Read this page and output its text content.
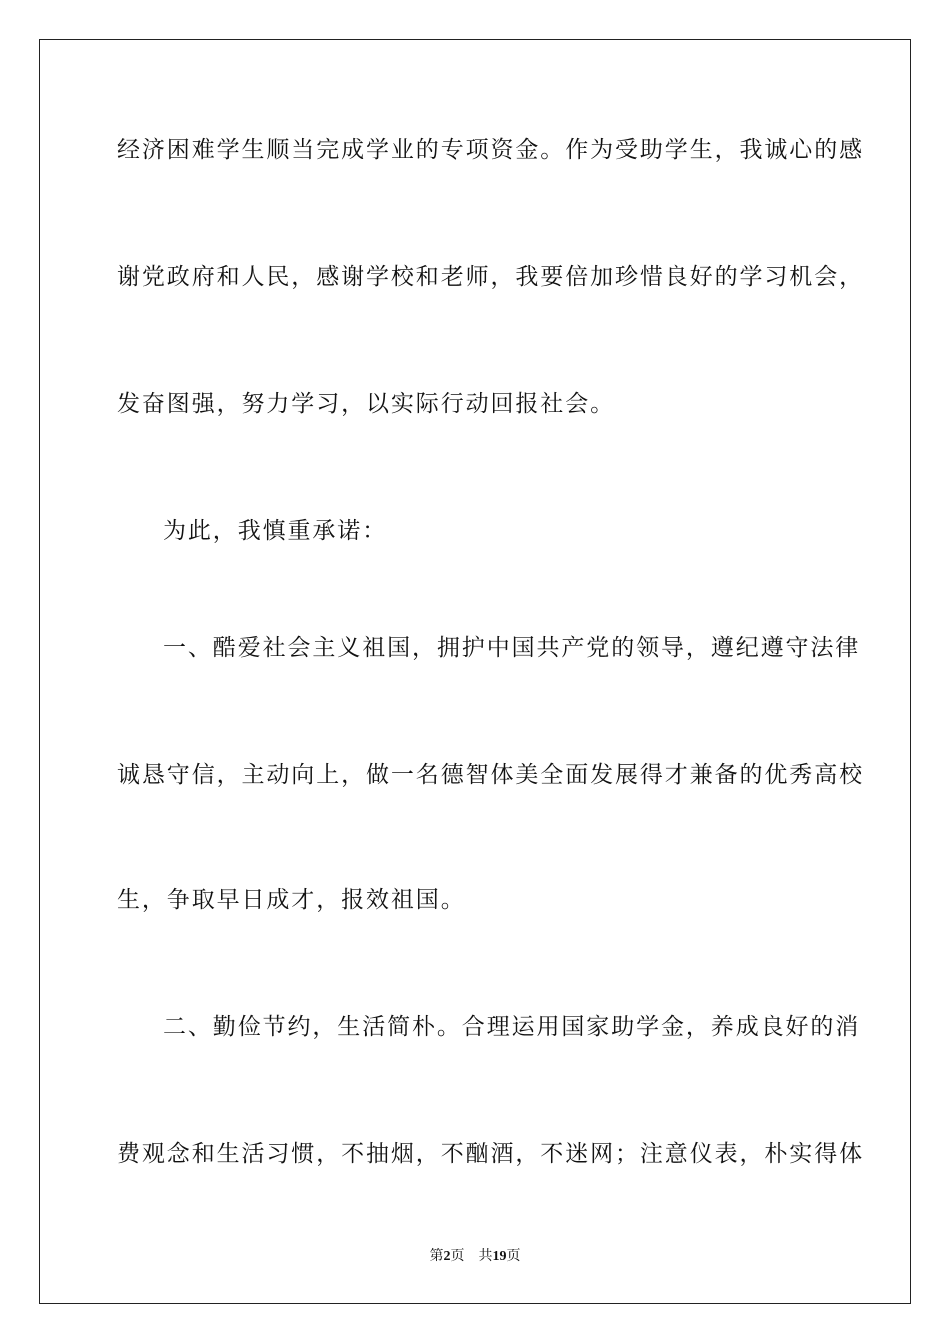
经济困难学生顺当完成学业的专项资金。作为受助学生，我诚心的感
谢党政府和人民，感谢学校和老师，我要倍加珍惜良好的学习机会，
发奋图强，努力学习，以实际行动回报社会。
为此，我慎重承诺：
一、酷爱社会主义祖国，拥护中国共产党的领导，遵纪遵守法律
诚恳守信，主动向上，做一名德智体美全面发展得才兼备的优秀高校
生，争取早日成才，报效祖国。
二、勤俭节约，生活简朴。合理运用国家助学金，养成良好的消
费观念和生活习惯，不抽烟，不酗酒，不迷网；注意仪表，朴实得体
第2页 共19页
